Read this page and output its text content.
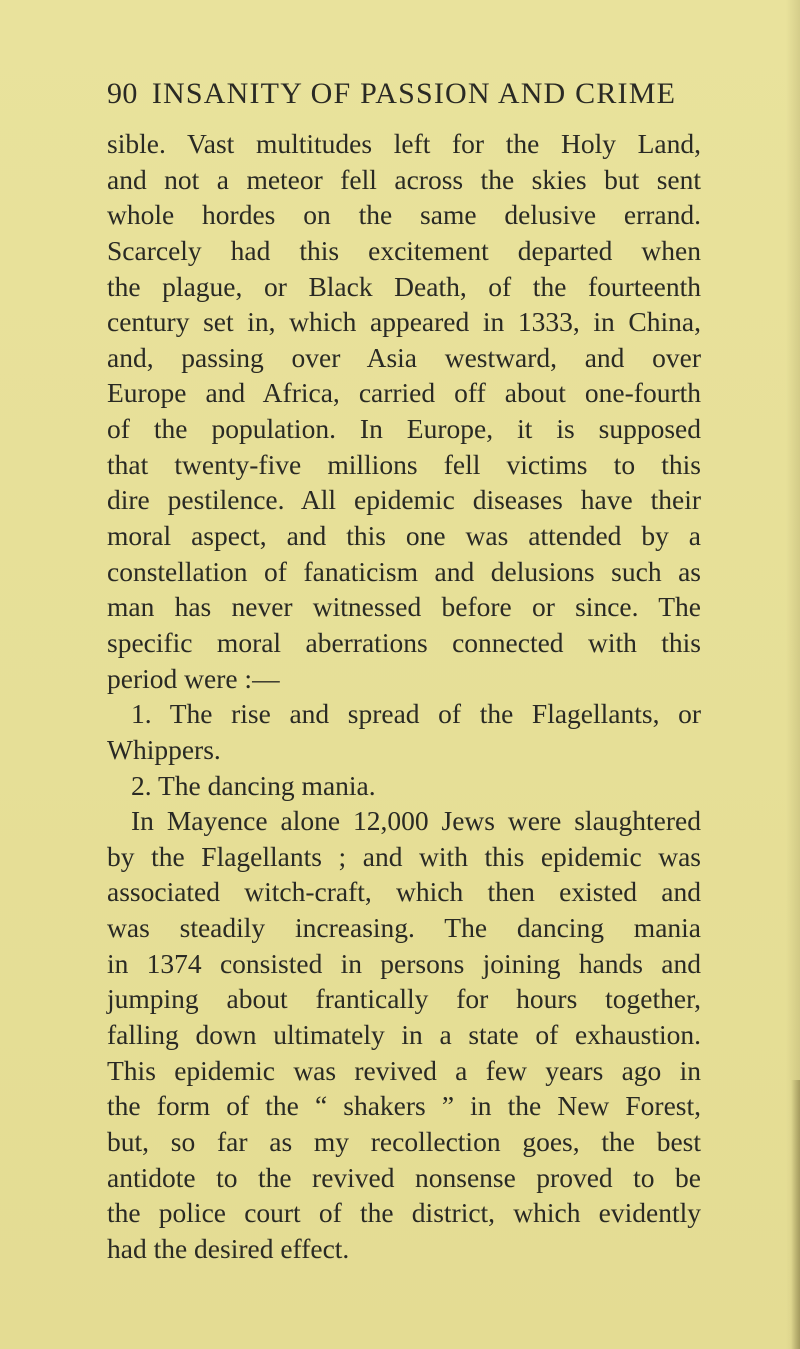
90 INSANITY OF PASSION AND CRIME
sible. Vast multitudes left for the Holy Land,
and not a meteor fell across the skies but sent
whole hordes on the same delusive errand.
Scarcely had this excitement departed when
the plague, or Black Death, of the fourteenth
century set in, which appeared in 1333, in China,
and, passing over Asia westward, and over
Europe and Africa, carried off about one-fourth
of the population. In Europe, it is supposed
that twenty-five millions fell victims to this
dire pestilence. All epidemic diseases have their
moral aspect, and this one was attended by a
constellation of fanaticism and delusions such as
man has never witnessed before or since. The
specific moral aberrations connected with this
period were :—
1. The rise and spread of the Flagellants, or
Whippers.
2. The dancing mania.
In Mayence alone 12,000 Jews were slaughtered
by the Flagellants ; and with this epidemic was
associated witch-craft, which then existed and
was steadily increasing. The dancing mania
in 1374 consisted in persons joining hands and
jumping about frantically for hours together,
falling down ultimately in a state of exhaustion.
This epidemic was revived a few years ago in
the form of the “ shakers ” in the New Forest,
but, so far as my recollection goes, the best
antidote to the revived nonsense proved to be
the police court of the district, which evidently
had the desired effect.
